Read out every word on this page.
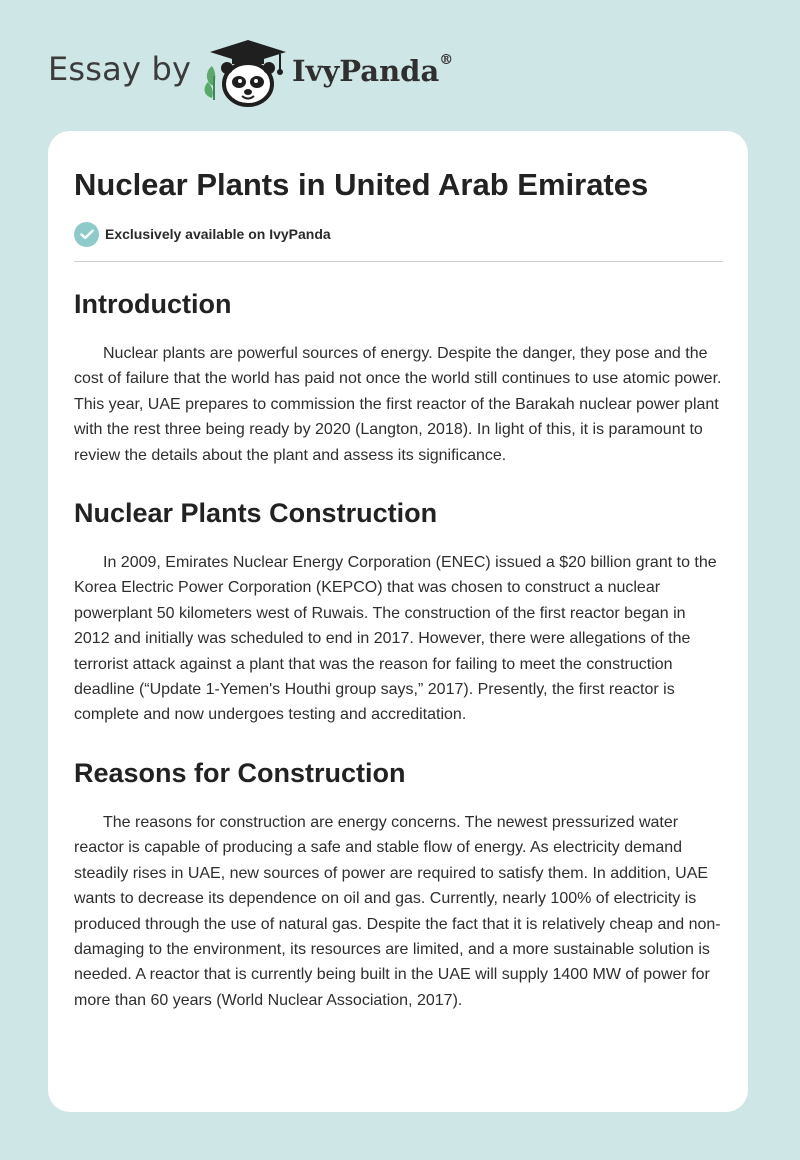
Essay by	IvyPanda®
Nuclear Plants in United Arab Emirates
Exclusively available on IvyPanda
Introduction

Nuclear plants are powerful sources of energy. Despite the danger, they pose and the cost of failure that the world has paid not once the world still continues to use atomic power. This year, UAE prepares to commission the first reactor of the Barakah nuclear power plant with the rest three being ready by 2020 (Langton, 2018). In light of this, it is paramount to review the details about the plant and assess its significance.

Nuclear Plants Construction

In 2009, Emirates Nuclear Energy Corporation (ENEC) issued a $20 billion grant to the Korea Electric Power Corporation (KEPCO) that was chosen to construct a nuclear powerplant 50 kilometers west of Ruwais. The construction of the first reactor began in 2012 and initially was scheduled to end in 2017. However, there were allegations of the terrorist attack against a plant that was the reason for failing to meet the construction deadline (“Update 1-Yemen's Houthi group says,” 2017). Presently, the first reactor is complete and now undergoes testing and accreditation.

Reasons for Construction

The reasons for construction are energy concerns. The newest pressurized water reactor is capable of producing a safe and stable flow of energy. As electricity demand steadily rises in UAE, new sources of power are required to satisfy them. In addition, UAE wants to decrease its dependence on oil and gas. Currently, nearly 100% of electricity is produced through the use of natural gas. Despite the fact that it is relatively cheap and non-damaging to the environment, its resources are limited, and a more sustainable solution is needed. A reactor that is currently being built in the UAE will supply 1400 MW of power for more than 60 years (World Nuclear Association, 2017).
